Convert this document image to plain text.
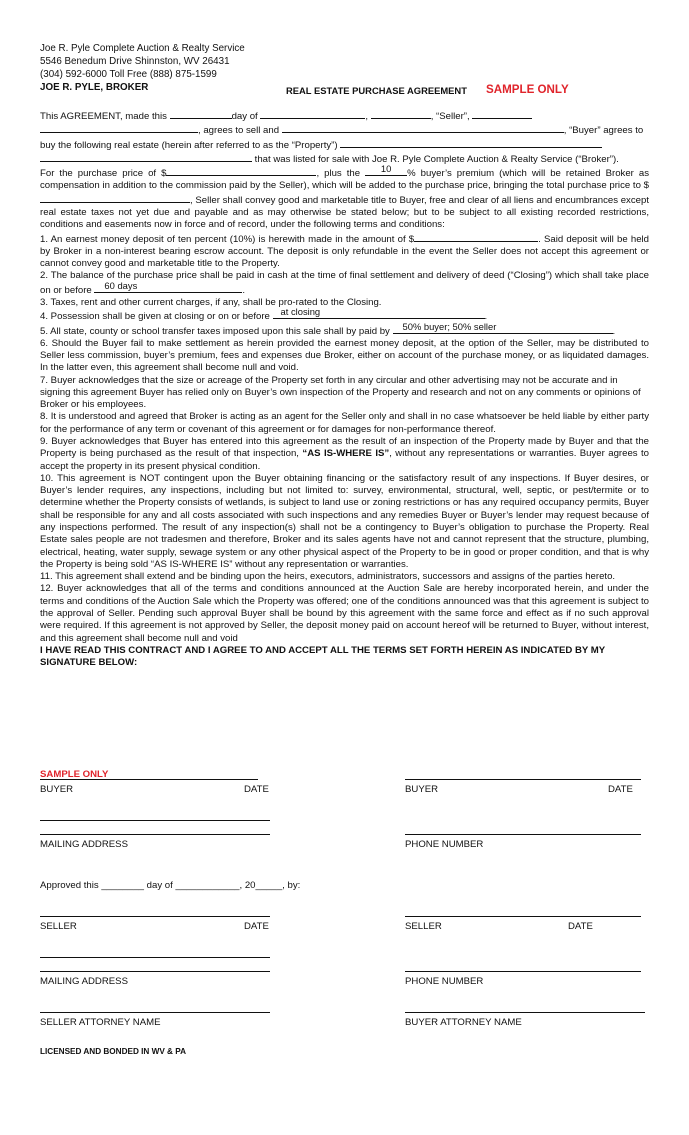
Joe R. Pyle Complete Auction & Realty Service
5546 Benedum Drive Shinnston, WV 26431
(304) 592-6000 Toll Free (888) 875-1599
JOE R. PYLE, BROKER	REAL ESTATE PURCHASE AGREEMENT SAMPLE ONLY

This AGREEMENT, made this	day of	,	, “Seller”,
, agrees to sell and	, “Buyer” agrees to
buy the following real estate (herein after referred to as the “Property”)
that was listed for sale with Joe R. Pyle Complete Auction & Realty Service (“Broker”).

For the purchase price of $	, plus the	10	% buyer’s premium (which will be retained Broker as compensation in addition to the commission paid by the Seller), which will be added to the purchase price, bringing the total purchase price to $, Seller shall convey good and marketable title to Buyer, free and clear of all liens and encumbrances except real estate taxes not yet due and payable and as may otherwise be stated below; but to be subject to all existing recorded restrictions, conditions and easements now in force and of record, under the following terms and conditions:

1. An earnest money deposit of ten percent (10%) is herewith made in the amount of $	. Said deposit will be held by Broker in a non-interest bearing escrow account. The deposit is only refundable in the event the Seller does not accept this agreement or cannot convey good and marketable title to the Property.

2. The balance of the purchase price shall be paid in cash at the time of final settlement and delivery of deed (“Closing”) which shall take place on or before	60 days	.

3. Taxes, rent and other current charges, if any, shall be pro-rated to the Closing.

4. Possession shall be given at closing or on or before	at closing	.

5. All state, county or school transfer taxes imposed upon this sale shall by paid by	50% buyer; 50% seller	.

6. Should the Buyer fail to make settlement as herein provided the earnest money deposit, at the option of the Seller, may be distributed to Seller less commission, buyer’s premium, fees and expenses due Broker, either on account of the purchase money, or as liquidated damages. In the latter even, this agreement shall become null and void.

7. Buyer acknowledges that the size or acreage of the Property set forth in any circular and other advertising may not be accurate and in signing this agreement Buyer has relied only on Buyer’s own inspection of the Property and research and not on any comments or opinions of Broker or his employees.

8. It is understood and agreed that Broker is acting as an agent for the Seller only and shall in no case whatsoever be held liable by either party for the performance of any term or covenant of this agreement or for damages for non-performance thereof.

9. Buyer acknowledges that Buyer has entered into this agreement as the result of an inspection of the Property made by Buyer and that the Property is being purchased as the result of that inspection, “AS IS-WHERE IS”, without any representations or warranties. Buyer agrees to accept the property in its present physical condition.

10. This agreement is NOT contingent upon the Buyer obtaining financing or the satisfactory result of any inspections. If Buyer desires, or Buyer’s lender requires, any inspections, including but not limited to: survey, environmental, structural, well, septic, or pest/termite or to determine whether the Property consists of wetlands, is subject to land use or zoning restrictions or has any required occupancy permits, Buyer shall be responsible for any and all costs associated with such inspections and any remedies Buyer or Buyer’s lender may request because of any inspections performed. The result of any inspection(s) shall not be a contingency to Buyer’s obligation to purchase the Property. Real Estate sales people are not tradesmen and therefore, Broker and its sales agents have not and cannot represent that the structure, plumbing, electrical, heating, water supply, sewage system or any other physical aspect of the Property to be in good or proper condition, and that is why the Property is being sold “AS IS-WHERE IS” without any representation or warranties.

11. This agreement shall extend and be binding upon the heirs, executors, administrators, successors and assigns of the parties hereto.

12. Buyer acknowledges that all of the terms and conditions announced at the Auction Sale are hereby incorporated herein, and under the terms and conditions of the Auction Sale which the Property was offered; one of the conditions announced was that this agreement is subject to the approval of Seller. Pending such approval Buyer shall be bound by this agreement with the same force and effect as if no such approval were required. If this agreement is not approved by Seller, the deposit money paid on account hereof will be returned to Buyer, without interest, and this agreement shall become null and void

I HAVE READ THIS CONTRACT AND I AGREE TO AND ACCEPT ALL THE TERMS SET FORTH HEREIN AS INDICATED BY MY SIGNATURE BELOW:

SAMPLE ONLY
BUYER	DATE	BUYER	DATE
MAILING ADDRESS	PHONE NUMBER
Approved this ________ day of ____________, 20_____, by:
SELLER	DATE	SELLER	DATE
MAILING ADDRESS	PHONE NUMBER
SELLER ATTORNEY NAME	BUYER ATTORNEY NAME
LICENSED AND BONDED IN WV & PA
